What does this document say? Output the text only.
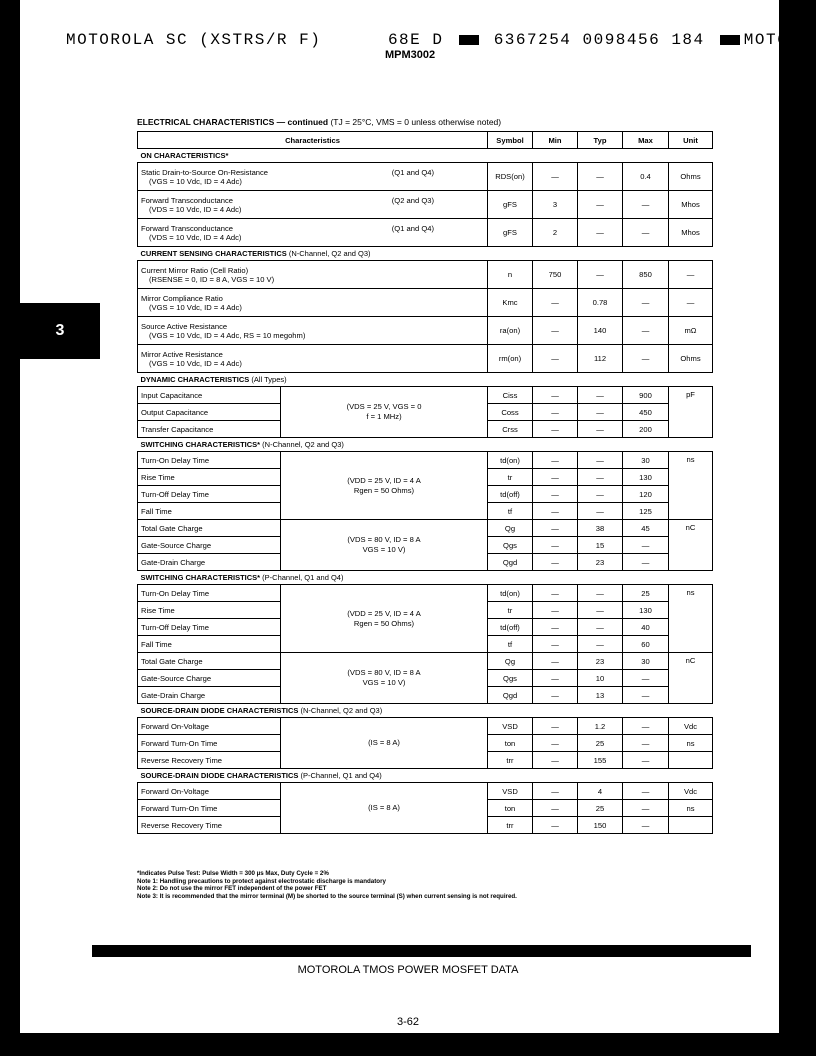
3
MOTOROLA SC (XSTRS/R F)	68E D	6367254 0098456 184 MOT6
MPM3002
ELECTRICAL CHARACTERISTICS — continued (TJ = 25°C, VMS = 0 unless otherwise noted)
Characteristics		Symbol	Min	Typ	Max	Unit
ON CHARACTERISTICS*						

Static Drain-to-Source On-Resistance (Q1 and Q4)
(VGS = 10 Vdc, ID = 4 Adc)		RDS(on)	—	—	0.4	Ohms

Forward Transconductance (Q2 and Q3)
(VDS = 10 Vdc, ID = 4 Adc)		gFS	3	—	—	Mhos

Forward Transconductance (Q1 and Q4)
(VDS = 10 Vdc, ID = 4 Adc)		gFS	2	—	—	Mhos
CURRENT SENSING CHARACTERISTICS (N-Channel, Q2 and Q3)						

Current Mirror Ratio (Cell Ratio)
(RSENSE = 0, ID = 8 A, VGS = 10 V)		n	750	—	850	—

Mirror Compliance Ratio
(VGS = 10 Vdc, ID = 4 Adc)		Kmc	—	0.78	—	—

Source Active Resistance
(VGS = 10 Vdc, ID = 4 Adc, RS = 10 megohm)		ra(on)	—	140	—	mΩ

Mirror Active Resistance
(VGS = 10 Vdc, ID = 4 Adc)		rm(on)	—	112	—	Ohms
DYNAMIC CHARACTERISTICS (All Types)						
Input Capacitance	(VDS = 25 V, VGS = 0
f = 1 MHz)	Ciss	—	—	900	pF
Output Capacitance		Coss	—	—	450	
Transfer Capacitance		Crss	—	—	200	
SWITCHING CHARACTERISTICS* (N-Channel, Q2 and Q3)						
Turn-On Delay Time	(VDD = 25 V, ID = 4 A
Rgen = 50 Ohms)	td(on)	—	—	30	ns
Rise Time		tr	—	—	130	
Turn-Off Delay Time		td(off)	—	—	120	
Fall Time		tf	—	—	125	
Total Gate Charge	(VDS = 80 V, ID = 8 A
VGS = 10 V)	Qg	—	38	45	nC
Gate-Source Charge		Qgs	—	15	—	
Gate-Drain Charge		Qgd	—	23	—	
SWITCHING CHARACTERISTICS* (P-Channel, Q1 and Q4)						
Turn-On Delay Time	(VDD = 25 V, ID = 4 A
Rgen = 50 Ohms)	td(on)	—	—	25	ns
Rise Time		tr	—	—	130	
Turn-Off Delay Time		td(off)	—	—	40	
Fall Time		tf	—	—	60	
Total Gate Charge	(VDS = 80 V, ID = 8 A
VGS = 10 V)	Qg	—	23	30	nC
Gate-Source Charge		Qgs	—	10	—	
Gate-Drain Charge		Qgd	—	13	—	
SOURCE-DRAIN DIODE CHARACTERISTICS (N-Channel, Q2 and Q3)						
Forward On-Voltage	(IS = 8 A)	VSD	—	1.2	—	Vdc
Forward Turn-On Time		ton	—	25	—	ns
Reverse Recovery Time		trr	—	155	—	
SOURCE-DRAIN DIODE CHARACTERISTICS (P-Channel, Q1 and Q4)						
Forward On-Voltage	(IS = 8 A)	VSD	—	4	—	Vdc
Forward Turn-On Time		ton	—	25	—	ns
Reverse Recovery Time		trr	—	150	—	
*Indicates Pulse Test: Pulse Width = 300 µs Max, Duty Cycle = 2%
Note 1: Handling precautions to protect against electrostatic discharge is mandatory
Note 2: Do not use the mirror FET independent of the power FET
Note 3: It is recommended that the mirror terminal (M) be shorted to the source terminal (S) when current sensing is not required.
MOTOROLA TMOS POWER MOSFET DATA
3-62
